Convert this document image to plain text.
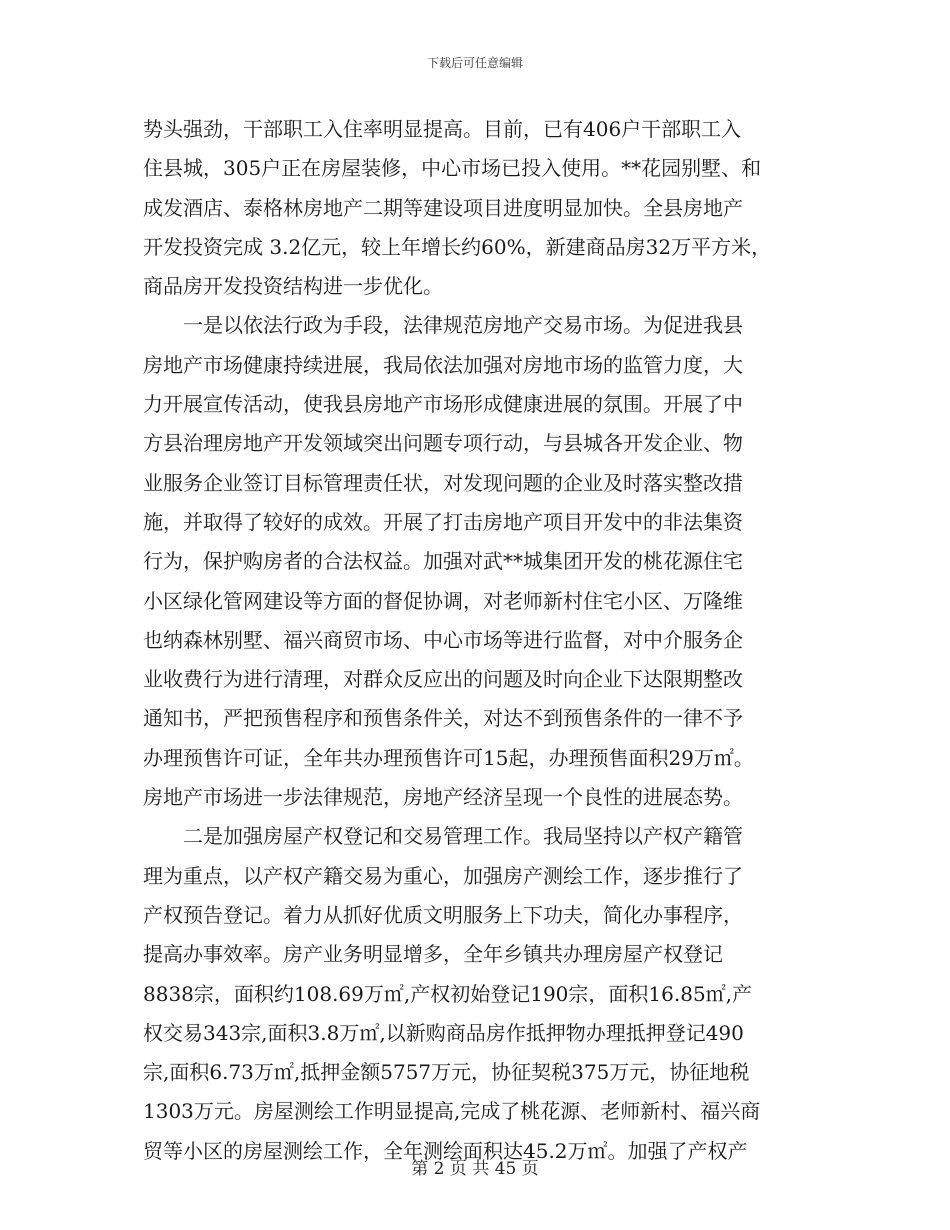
下载后可任意编辑
势头强劲，干部职工入住率明显提高。目前，已有406户干部职工入
住县城，305户正在房屋装修，中心市场已投入使用。**花园别墅、和
成发酒店、泰格林房地产二期等建设项目进度明显加快。全县房地产
开发投资完成 3.2亿元，较上年增长约60%，新建商品房32万平方米，
商品房开发投资结构进一步优化。
　　一是以依法行政为手段，法律规范房地产交易市场。为促进我县
房地产市场健康持续进展，我局依法加强对房地市场的监管力度，大
力开展宣传活动，使我县房地产市场形成健康进展的氛围。开展了中
方县治理房地产开发领域突出问题专项行动，与县城各开发企业、物
业服务企业签订目标管理责任状，对发现问题的企业及时落实整改措
施，并取得了较好的成效。开展了打击房地产项目开发中的非法集资
行为，保护购房者的合法权益。加强对武**城集团开发的桃花源住宅
小区绿化管网建设等方面的督促协调，对老师新村住宅小区、万隆维
也纳森林别墅、福兴商贸市场、中心市场等进行监督，对中介服务企
业收费行为进行清理，对群众反应出的问题及时向企业下达限期整改
通知书，严把预售程序和预售条件关，对达不到预售条件的一律不予
办理预售许可证，全年共办理预售许可15起，办理预售面积29万㎡。
房地产市场进一步法律规范，房地产经济呈现一个良性的进展态势。
　　二是加强房屋产权登记和交易管理工作。我局坚持以产权产籍管
理为重点，以产权产籍交易为重心，加强房产测绘工作，逐步推行了
产权预告登记。着力从抓好优质文明服务上下功夫，简化办事程序，
提高办事效率。房产业务明显增多，全年乡镇共办理房屋产权登记
8838宗，面积约108.69万㎡,产权初始登记190宗，面积16.85㎡,产
权交易343宗,面积3.8万㎡,以新购商品房作抵押物办理抵押登记490
宗,面积6.73万㎡,抵押金额5757万元，协征契税375万元，协征地税
1303万元。房屋测绘工作明显提高,完成了桃花源、老师新村、福兴商
贸等小区的房屋测绘工作，全年测绘面积达45.2万㎡。加强了产权产
第 2 页 共 45 页
